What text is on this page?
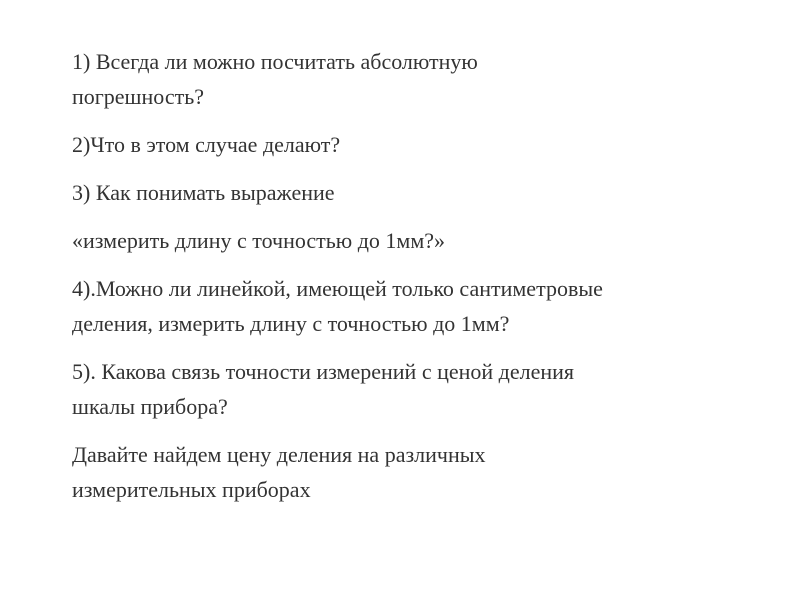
1) Всегда ли можно посчитать абсолютную
погрешность?

2)Что в этом случае делают?

3) Как понимать выражение

«измерить длину с точностью до 1мм?»

4).Можно ли линейкой, имеющей только сантиметровые
деления, измерить длину с точностью до 1мм?

5). Какова связь точности измерений с ценой деления
шкалы прибора?

Давайте найдем цену деления на различных
измерительных приборах
